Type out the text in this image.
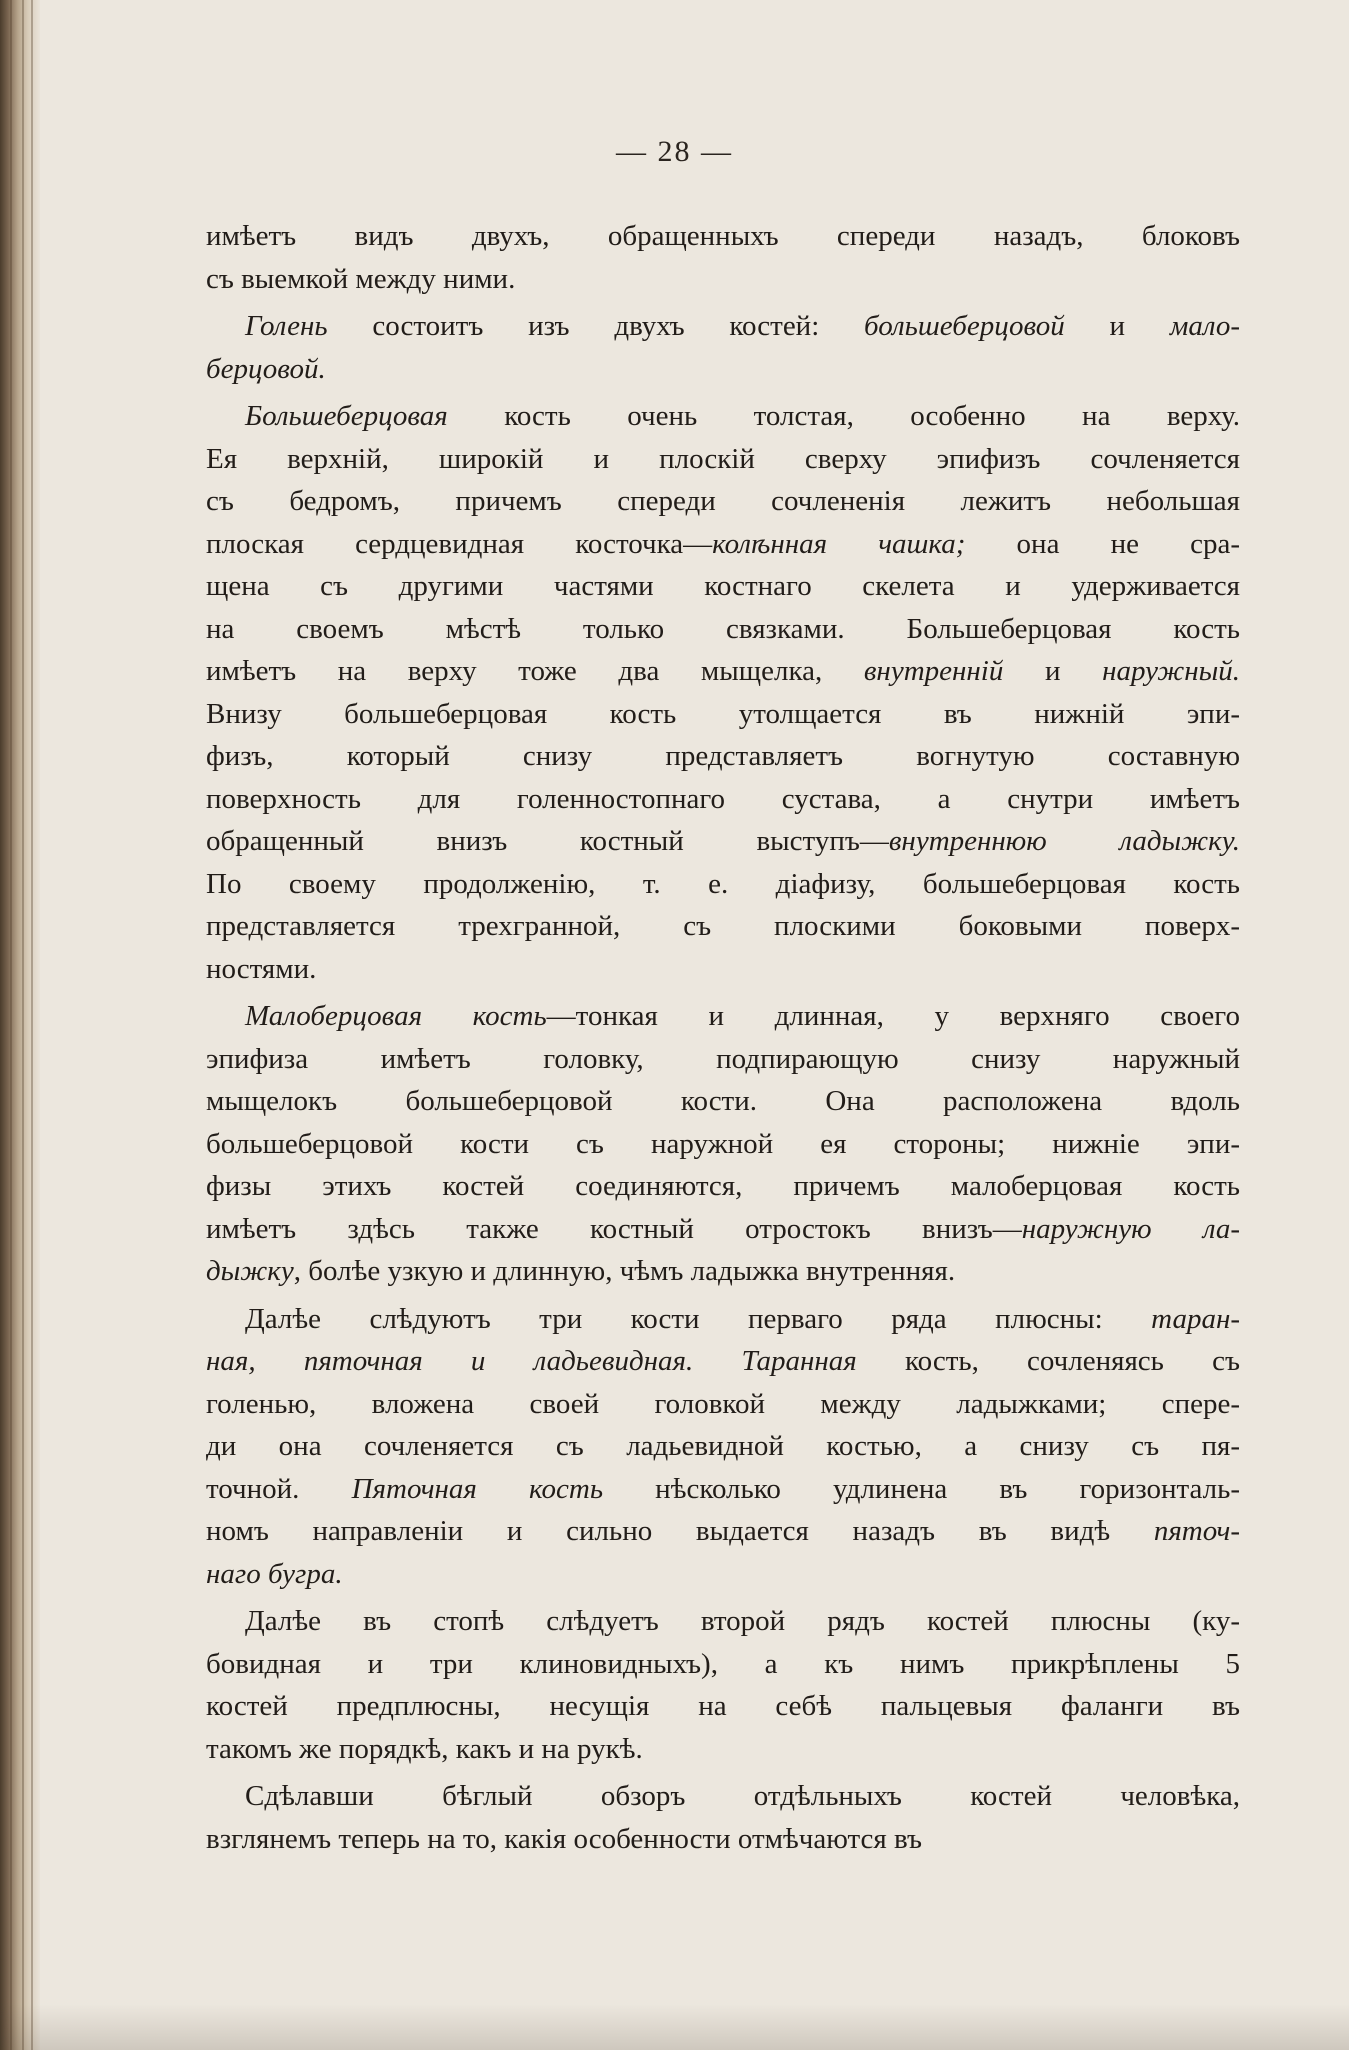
— 28 —
имѣетъ видъ двухъ, обращенныхъ спереди назадъ, блоковъ
съ выемкой между ними.
Голень состоитъ изъ двухъ костей: большеберцовой и мало-
берцовой.
Большеберцовая кость очень толстая, особенно на верху.
Ея верхнiй, широкiй и плоскiй сверху эпифизъ сочленяется
съ бедромъ, причемъ спереди сочлененiя лежитъ небольшая
плоская сердцевидная косточка—колѣнная чашка; она не сра-
щена съ другими частями костнаго скелета и удерживается
на своемъ мѣстѣ только связками. Большеберцовая кость
имѣетъ на верху тоже два мыщелка, внутреннiй и наружный.
Внизу большеберцовая кость утолщается въ нижнiй эпи-
физъ, который снизу представляетъ вогнутую составную
поверхность для голенностопнаго сустава, а снутри имѣетъ
обращенный внизъ костный выступъ—внутреннюю ладыжку.
По своему продолженiю, т. е. дiафизу, большеберцовая кость
представляется трехгранной, съ плоскими боковыми поверх-
ностями.
Малоберцовая кость—тонкая и длинная, у верхняго своего
эпифиза имѣетъ головку, подпирающую снизу наружный
мыщелокъ большеберцовой кости. Она расположена вдоль
большеберцовой кости съ наружной ея стороны; нижнiе эпи-
физы этихъ костей соединяются, причемъ малоберцовая кость
имѣетъ здѣсь также костный отростокъ внизъ—наружную ла-
дыжку, болѣе узкую и длинную, чѣмъ ладыжка внутренняя.
Далѣе слѣдуютъ три кости перваго ряда плюсны: таран-
ная, пяточная и ладьевидная. Таранная кость, сочленяясь съ
голенью, вложена своей головкой между ладыжками; спере-
ди она сочленяется съ ладьевидной костью, а снизу съ пя-
точной. Пяточная кость нѣсколько удлинена въ горизонталь-
номъ направленiи и сильно выдается назадъ въ видѣ пяточ-
наго бугра.
Далѣе въ стопѣ слѣдуетъ второй рядъ костей плюсны (ку-
бовидная и три клиновидныхъ), а къ нимъ прикрѣплены 5
костей предплюсны, несущiя на себѣ пальцевыя фаланги въ
такомъ же порядкѣ, какъ и на рукѣ.
Сдѣлавши бѣглый обзоръ отдѣльныхъ костей человѣка,
взглянемъ теперь на то, какiя особенности отмѣчаются въ
